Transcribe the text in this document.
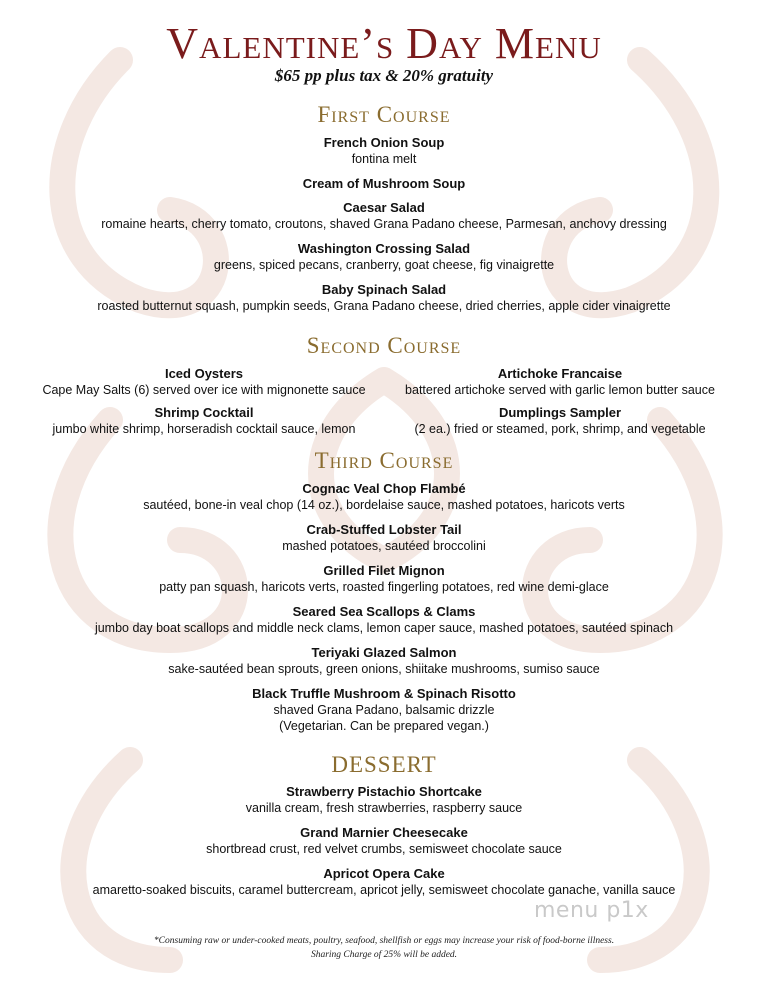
Valentine’s Day Menu
$65 pp plus tax & 20% gratuity
First Course
French Onion Soup
fontina melt
Cream of Mushroom Soup
Caesar Salad
romaine hearts, cherry tomato, croutons, shaved Grana Padano cheese, Parmesan, anchovy dressing
Washington Crossing Salad
greens, spiced pecans, cranberry, goat cheese, fig vinaigrette
Baby Spinach Salad
roasted butternut squash, pumpkin seeds, Grana Padano cheese, dried cherries, apple cider vinaigrette
Second Course
Iced Oysters
Cape May Salts (6) served over ice with mignonette sauce
Artichoke Francaise
battered artichoke served with garlic lemon butter sauce
Shrimp Cocktail
jumbo white shrimp, horseradish cocktail sauce, lemon
Dumplings Sampler
(2 ea.) fried or steamed, pork, shrimp, and vegetable
Third Course
Cognac Veal Chop Flambé
sautéed, bone-in veal chop (14 oz.), bordelaise sauce, mashed potatoes, haricots verts
Crab-Stuffed Lobster Tail
mashed potatoes, sautéed broccolini
Grilled Filet Mignon
patty pan squash, haricots verts, roasted fingerling potatoes, red wine demi-glace
Seared Sea Scallops & Clams
jumbo day boat scallops and middle neck clams, lemon caper sauce, mashed potatoes, sautéed spinach
Teriyaki Glazed Salmon
sake-sautéed bean sprouts, green onions, shiitake mushrooms, sumiso sauce
Black Truffle Mushroom & Spinach Risotto
shaved Grana Padano, balsamic drizzle
(Vegetarian. Can be prepared vegan.)
DESSERT
Strawberry Pistachio Shortcake
vanilla cream, fresh strawberries, raspberry sauce
Grand Marnier Cheesecake
shortbread crust, red velvet crumbs, semisweet chocolate sauce
Apricot Opera Cake
amaretto-soaked biscuits, caramel buttercream, apricot jelly, semisweet chocolate ganache, vanilla sauce
menu p1x
*Consuming raw or under-cooked meats, poultry, seafood, shellfish or eggs may increase your risk of food-borne illness.
Sharing Charge of 25% will be added.
